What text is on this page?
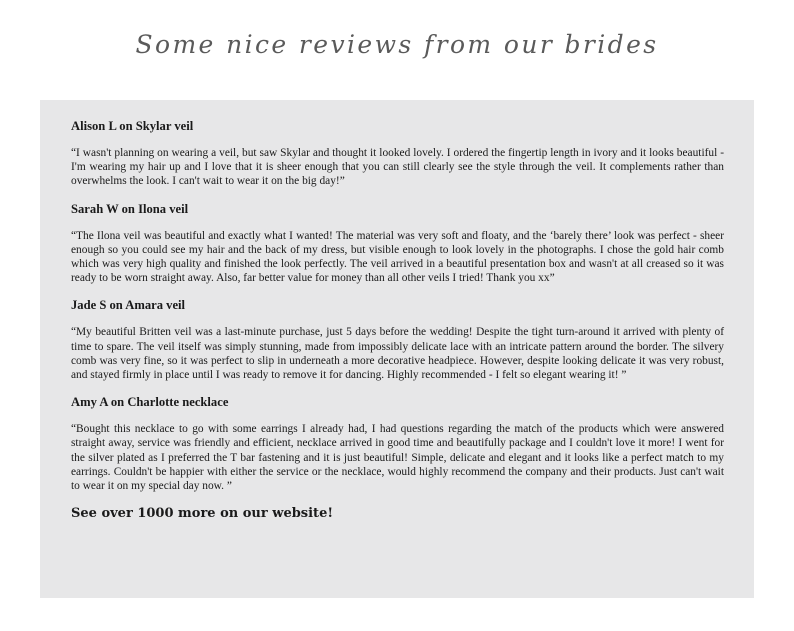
Some nice reviews from our brides

Alison L on Skylar veil

“I wasn't planning on wearing a veil, but saw Skylar and thought it looked lovely. I ordered the fingertip length in ivory and it looks beautiful - I'm wearing my hair up and I love that it is sheer enough that you can still clearly see the style through the veil. It complements rather than overwhelms the look. I can't wait to wear it on the big day!”

Sarah W on Ilona veil

“The Ilona veil was beautiful and exactly what I wanted! The material was very soft and floaty, and the ‘barely there’ look was perfect - sheer enough so you could see my hair and the back of my dress, but visible enough to look lovely in the photographs. I chose the gold hair comb which was very high quality and finished the look perfectly. The veil arrived in a beautiful presentation box and wasn't at all creased so it was ready to be worn straight away. Also, far better value for money than all other veils I tried! Thank you xx”

Jade S on Amara veil

“My beautiful Britten veil was a last-minute purchase, just 5 days before the wedding! Despite the tight turn-around it arrived with plenty of time to spare. The veil itself was simply stunning, made from impossibly delicate lace with an intricate pattern around the border. The silvery comb was very fine, so it was perfect to slip in underneath a more decorative headpiece. However, despite looking delicate it was very robust, and stayed firmly in place until I was ready to remove it for dancing. Highly recommended - I felt so elegant wearing it! ”

Amy A on Charlotte necklace

“Bought this necklace to go with some earrings I already had, I had questions regarding the match of the products which were answered straight away, service was friendly and efficient, necklace arrived in good time and beautifully package and I couldn't love it more! I went for the silver plated as I preferred the T bar fastening and it is just beautiful! Simple, delicate and elegant and it looks like a perfect match to my earrings. Couldn't be happier with either the service or the necklace, would highly recommend the company and their products. Just can't wait to wear it on my special day now. ”

See over 1000 more on our website!
